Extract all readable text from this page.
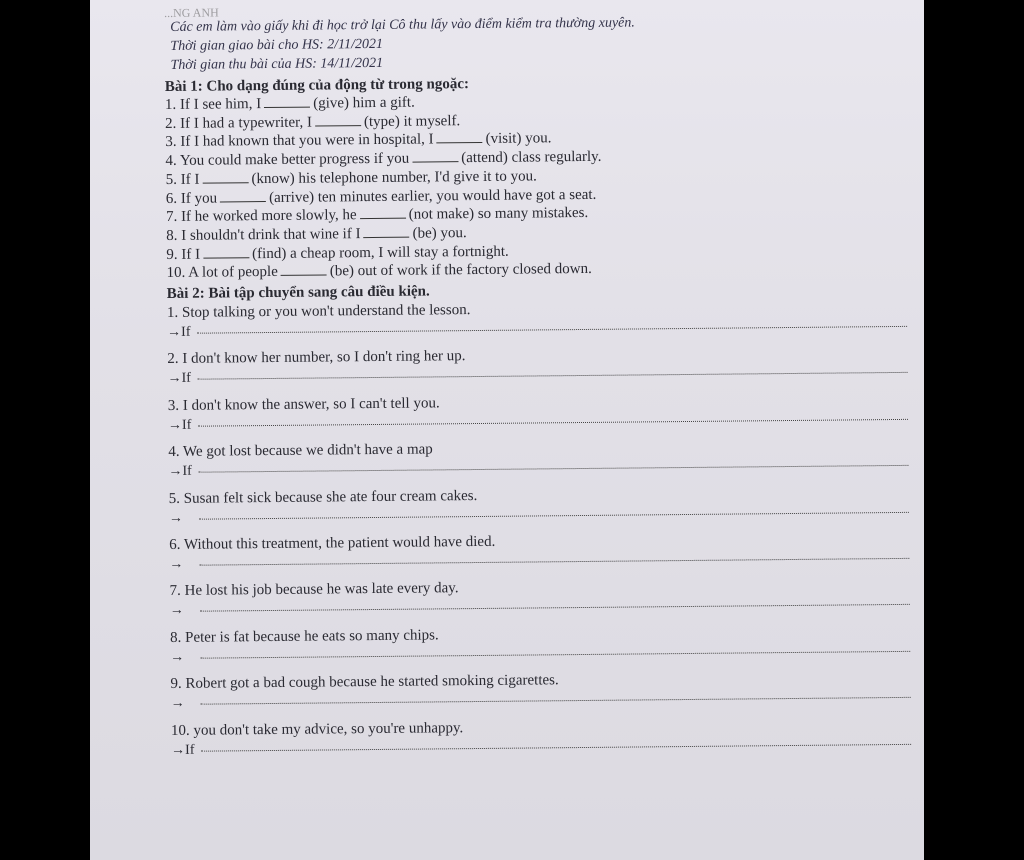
...NG ANH
Các em làm vào giấy khi đi học trở lại Cô thu lấy vào điểm kiểm tra thường xuyên.
Thời gian giao bài cho HS: 2/11/2021
Thời gian thu bài của HS: 14/11/2021
Bài 1: Cho dạng đúng của động từ trong ngoặc:
1. If I see him, I	(give) him a gift.
2. If I had a typewriter, I	(type) it myself.
3. If I had known that you were in hospital, I	(visit) you.
4. You could make better progress if you	(attend) class regularly.
5. If I	(know) his telephone number, I'd give it to you.
6. If you	(arrive) ten minutes earlier, you would have got a seat.
7. If he worked more slowly, he	(not make) so many mistakes.
8. I shouldn't drink that wine if I	(be) you.
9. If I	(find) a cheap room, I will stay a fortnight.
10. A lot of people	(be) out of work if the factory closed down.
Bài 2: Bài tập chuyển sang câu điều kiện.
1. Stop talking or you won't understand the lesson.
→If
2. I don't know her number, so I don't ring her up.
→If
3. I don't know the answer, so I can't tell you.
→If
4. We got lost because we didn't have a map
→If
5. Susan felt sick because she ate four cream cakes.
→
6. Without this treatment, the patient would have died.
→
7. He lost his job because he was late every day.
→
8. Peter is fat because he eats so many chips.
→
9. Robert got a bad cough because he started smoking cigarettes.
→
10. you don't take my advice, so you're unhappy.
→If
